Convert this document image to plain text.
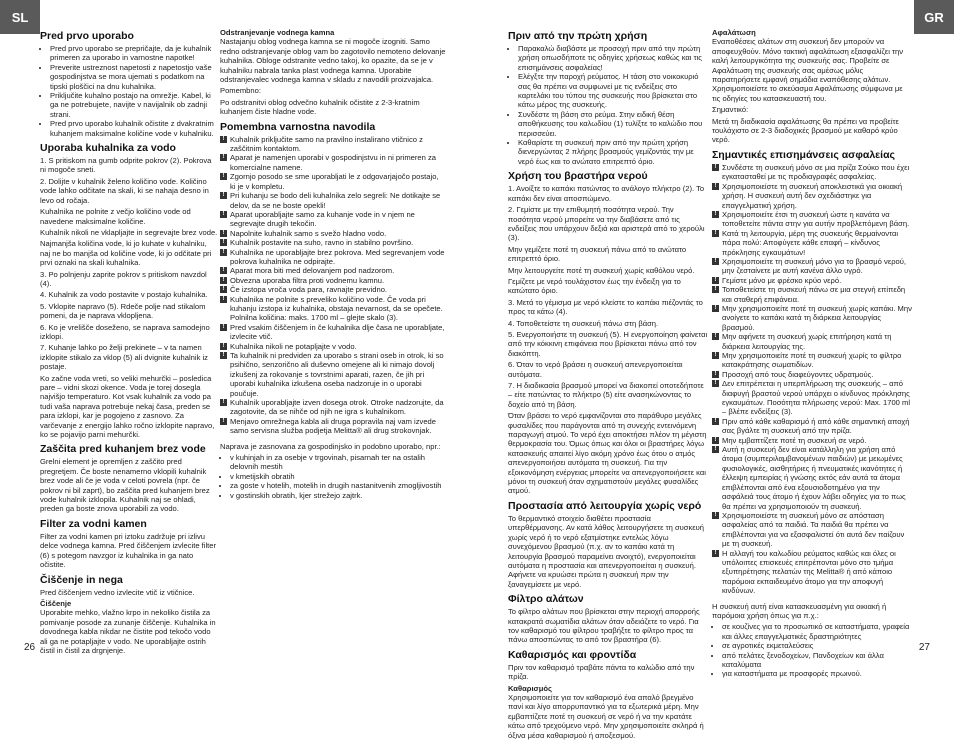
SL	GR
Pred prvo uporabo
• Pred prvo uporabo se prepričajte, da je kuhalnik primeren za uporabo in varnostne napotke!
• Preverite ustreznost napetosti z napetostjo vaše gospodinjstva se mora ujemati s podatkom na tipski ploščici na dnu kuhalnika.
• Priključite kuhalno postajo na omrežje. Kabel, ki ga ne potrebujete, navijte v navijalnik ob zadnji strani.
• Pred prvo uporabo kuhalnik očistite z dvakratnim kuhanjem maksimalne količine vode v kuhalniku.
Uporaba kuhalnika za vodo

1. S pritiskom na gumb odprite pokrov (2). Pokrova ni mogoče sneti.

2. Dolijte v kuhalnik želeno količino vode. Količino vode lahko odčitate na skali, ki se nahaja desno in levo od ročaja.

Kuhalnika ne polnite z večjo količino vode od navedene maksimalne količine.

Kuhalnik nikoli ne vklapljajte in segrevajte brez vode.

Najmanjša količina vode, ki jo kuhate v kuhalniku, naj ne bo manjša od količine vode, ki jo odčitate pri prvi oznaki na skali kuhalnika.

3. Po polnjenju zaprite pokrov s pritiskom navzdol (4).

4. Kuhalnik za vodo postavite v postajo kuhalnika.

5. Vklopite napravo (5). Rdeče polje nad stikalom pomeni, da je naprava vklopljena.

6. Ko je vrelišče doseženo, se naprava samodejno izklopi.

7. Kuhanje lahko po želji prekinete – v ta namen izklopite stikalo za vklop (5) ali dvignite kuhalnik iz postaje.

Ko začne voda vreti, so veliki mehurčki – posledica pare – vidni skozi okence. Voda je torej dosegla najvišjo temperaturo. Kot vsak kuhalnik za vodo pa tudi vaša naprava potrebuje nekaj časa, preden se para izklopi, kar je pogojeno z zasnovo. Za varčevanje z energijo lahko ročno izklopite napravo, ko se pojavijo parni mehurčki.

Zaščita pred kuhanjem brez vode

Grelni element je opremljen z zaščito pred pregretjem. Če boste nenamerno vklopili kuhalnik brez vode ali če je voda v celoti povrela (npr. če pokrov ni bil zaprt), bo zaščita pred kuhanjem brez vode kuhalnik izklopila. Kuhalnik naj se ohladi, preden ga boste znova uporabili za vodo.

Filter za vodni kamen

Filter za vodni kamen pri iztoku zadržuje pri izlivu delce vodnega kamna. Pred čiščenjem izvlecite filter (6) s potegom navzgor iz kuhalnika in ga nato očistite.

Čiščenje in nega

Pred čiščenjem vedno izvlecite vtič iz vtičnice.

Čiščenje

Uporabite mehko, vlažno krpo in nekoliko čistila za pomivanje posode za zunanje čiščenje. Kuhalnika in dovodnega kabla nikdar ne čistite pod tekočo vodo ali ga ne potapljajte v vodo. Ne uporabljajte ostrih čistil in čistil za drgnjenje.

Odstranjevanje vodnega kamna

Nastajanju oblog vodnega kamna se ni mogoče izogniti. Samo redno odstranjevanje oblog vam bo zagotovilo nemoteno delovanje kuhalnika. Obloge odstranite vedno takoj, ko opazite, da se je v kuhalniku nabrala tanka plast vodnega kamna. Uporabite odstranjevalec vodnega kamna v skladu z navodili proizvajalca.

Pomembno:

Po odstranitvi oblog odvečno kuhalnik očistite z 2-3-kratnim kuhanjem čiste hladne vode.

Pomembna varnostna navodila
! Kuhalnik priključite samo na pravilno instalirano vtičnico z zaščitnim kontaktom.
! Aparat je namenjen uporabi v gospodinjstvu in ni primeren za komercialne namene.
! Zgornjo posodo se sme uporabljati le z odgovarjajočo postajo, ki je v kompletu.
! Pri kuhanju se bodo deli kuhalnika zelo segreli: Ne dotikajte se delov, da se ne boste opekli!
! Aparat uporabljajte samo za kuhanje vode in v njem ne segrevajte drugih tekočin.
! Napolnite kuhalnik samo s svežo hladno vodo.
! Kuhalnik postavite na suho, ravno in stabilno površino.
! Kuhalnika ne uporabljajte brez pokrova. Med segrevanjem vode pokrova kuhalnika ne odpirajte.
! Aparat mora biti med delovanjem pod nadzorom.
! Obvezna uporaba filtra proti vodnemu kamnu.
! Če izstopa vroča voda para, ravnajte previdno.
! Kuhalnika ne polnite s preveliko količino vode. Če voda pri kuhanju izstopa iz kuhalnika, obstaja nevarnost, da se opečete. Polnilna količina: maks. 1700 ml – glejte skalo (3).
! Pred vsakim čiščenjem in če kuhalnika dlje časa ne uporabljate, izvlecite vtič.
! Kuhalnika nikoli ne potapljajte v vodo.
! Ta kuhalnik ni predviden za uporabo s strani oseb in otrok, ki so psihično, senzorično ali duševno omejene ali ki nimajo dovolj izkušenj za rokovanje s tovrstnimi aparati, razen, če jih pri uporabi kuhalnika izkušena oseba nadzoruje in o uporabi poučuje.
! Kuhalnik uporabljajte izven dosega otrok. Otroke nadzorujte, da zagotovite, da se nihče od njih ne igra s kuhalnikom.
! Menjavo omrežnega kabla ali druga popravila naj vam izvede samo servisna služba podjetja Melitta® ali drug strokovnjak.

Naprava je zasnovana za gospodinjsko in podobno uporabo, npr.:

• v kuhinjah in za osebje v trgovinah, pisarnah ter na ostalih delovnih mestih
• v kmetijskih obratih
• za goste v hotelih, motelih in drugih nastanitvenih zmogljivostih
• v gostinskih obratih, kjer strežejo zajtrk.
Πριν από την πρώτη χρήση
• Παρακαλώ διαβάστε με προσοχή πριν από την πρώτη χρήση οπωσδήποτε τις οδηγίες χρήσεως καθώς και τις επισημάνσεις ασφαλείας!
• Ελέγξτε την παροχή ρεύματος. Η τάση στο νοικοκυριό σας θα πρέπει να συμφωνεί με τις ενδείξεις στο καρτελάκι του τύπου της συσκευής που βρίσκεται στο κάτω μέρος της συσκευής.
• Συνδέστε τη βάση στο ρεύμα. Στην ειδική θέση αποθήκευσης του καλωδίου (1) τυλίξτε το καλώδιο που περισσεύει.
• Καθαρίστε τη συσκευή πριν από την πρώτη χρήση διενεργώντας 2 πλήρης βρασμούς γεμίζοντάς την με νερό έως και το ανώτατο επιτρεπτό όριο.
Χρήση του βραστήρα νερού

1. Ανοίξτε το καπάκι πατώντας το ανάλογο πλήκτρο (2). Το καπάκι δεν είναι αποσπώμενο.

2. Γεμίστε με την επιθυμητή ποσότητα νερού. Την ποσότητα νερού μπορείτε να την διαβάσετε από τις ενδείξεις που υπάρχουν δεξιά και αριστερά από το χερούλι (3).

Μην γεμίζετε ποτέ τη συσκευή πάνω από το ανώτατο επιτρεπτό όριο.

Μην λειτουργείτε ποτέ τη συσκευή χωρίς καθόλου νερό.

Γεμίζετε με νερό τουλάχιστον έως την ένδειξη για το κατώτατο όριο.

3. Μετά το γέμισμα με νερό κλείστε το καπάκι πιέζοντάς το προς τα κάτω (4).

4. Τοποθετείστε τη συσκευή πάνω στη βάση.

5. Ενεργοποιήστε τη συσκευή (5). Η ενεργοποίηση φαίνεται από την κόκκινη επιφάνεια που βρίσκεται πάνω από τον διακόπτη.

6. Όταν το νερό βράσει η συσκευή απενεργοποιείται αυτόματα.

7. Η διαδικασία βρασμού μπορεί να διακοπεί οποτεδήποτε – είτε πατώντας το πλήκτρο (5) είτε ανασηκώνοντας το δοχείο από τη βάση.

Όταν βράσει το νερό εμφανίζονται στο παράθυρο μεγάλες φυσαλίδες που παράγονται από τη συνεχής εντεινόμενη παραγωγή ατμού. Το νερό έχει αποκτήσει πλέον τη μέγιστη θερμοκρασία του. Όμως όπως και όλοι οι βραστήρες λόγω κατασκευής απαιτεί λίγο ακόμη χρόνο έως ότου ο ατμός απενεργοποιήσει αυτόματα τη συσκευή. Για την εξοικονόμηση ενέργειας μπορείτε να απενεργοποιήσετε και μόνοι τη συσκευή όταν σχηματιστούν μεγάλες φυσαλίδες ατμού.

Προστασία από λειτουργία χωρίς νερό

Το θερμαντικό στοιχείο διαθέτει προστασία υπερθέρμανσης. Αν κατά λάθος λειτουργήσετε τη συσκευή χωρίς νερό ή το νερό εξατμίστηκε εντελώς λόγω συνεχόμενου βρασμού (π.χ. αν το καπάκι κατά τη λειτουργία βρασμού παραμείνει ανοιχτό), ενεργοποιείται αυτόματα η προστασία και απενεργοποιείται η συσκευή. Αφήνετε να κρυώσει πρώτα η συσκευή πριν την ξαναγεμίσετε με νερό.

Φίλτρο αλάτων

Το φίλτρο αλάτων που βρίσκεται στην περιοχή απορροής κατακρατά σωματίδια αλάτων όταν αδειάζετε το νερό. Για τον καθαρισμό του φίλτρου τραβήξτε το φίλτρο προς τα πάνω αποσπώντας το από τον βραστήρα (6).

Καθαρισμός και φροντίδα

Πριν τον καθαρισμό τραβάτε πάντα το καλώδιο από την πρίζα.

Καθαρισμός

Χρησιμοποιείτε για τον καθαρισμό ένα απαλό βρεγμένο πανί και λίγο απορρυπαντικό για τα εξωτερικά μέρη. Μην εμβαπτίζετε ποτέ τη συσκευή σε νερό ή να την κρατάτε κάτω από τρεχούμενο νερό. Μην χρησιμοποιείτε σκληρά ή όξινα μέσα καθαρισμού ή αποξεσμού.

Αφαλάτωση

Εναποθέσεις αλάτων στη συσκευή δεν μπορούν να αποφευχθούν. Μόνο τακτική αφαλάτωση εξασφαλίζει την καλή λειτουργικότητα της συσκευής σας. Προβείτε σε Αφαλάτωση της συσκευής σας αμέσως μόλις παρατηρήσετε εμφανή σημάδια εναπόθεσης αλάτων. Χρησιμοποιείστε το σκεύασμα Αφαλάτωσης σύμφωνα με τις οδηγίες του κατασκευαστή του.

Σημαντικό:

Μετά τη διαδικασία αφαλάτωσης θα πρέπει να προβείτε τουλάχιστο σε 2-3 διαδοχικές βρασμού με καθαρό κρύο νερό.

Σημαντικές επισημάνσεις ασφαλείας
! Συνδέστε τη συσκευή μόνο σε μια πρίζα Σούκο που έχει εγκατασταθεί με τις προδιαγραφές ασφαλείας.
! Χρησιμοποιείστε τη συσκευή αποκλειστικά για οικιακή χρήση. Η συσκευή αυτή δεν σχεδιάστηκε για επαγγελματική χρήση.
! Χρησιμοποιείτε έτσι τη συσκευή ώστε η κανάτα να τοποθετείτε πάντα στην για αυτήν προβλεπόμενη βάση.
! Κατά τη λειτουργία, μέρη της συσκευής θερμαίνονται πάρα πολύ: Αποφύγετε κάθε επαφή – κίνδυνος πρόκλησης εγκαυμάτων!
! Χρησιμοποιείτε τη συσκευή μόνο για το βρασμό νερού, μην ζεσταίνετε με αυτή κανένα άλλο υγρό.
! Γεμίστε μόνο με φρέσκο κρύο νερό.
! Τοποθετείστε τη συσκευή πάνω σε μια στεγνή επίπεδη και σταθερή επιφάνεια.
! Μην χρησιμοποιείτε ποτέ τη συσκευή χωρίς καπάκι. Μην ανοίγετε το καπάκι κατά τη διάρκεια λειτουργίας βρασμού.
! Μην αφήνετε τη συσκευή χωρίς επιτήρηση κατά τη διάρκεια λειτουργίας της.
! Μην χρησιμοποιείτε ποτέ τη συσκευή χωρίς το φίλτρο κατακράτησης σωματιδίων.
! Προσοχή από τους διαφεύγοντες υδρατμούς.
! Δεν επιτρέπεται η υπερπλήρωση της συσκευής – από διαφυγή βραστού νερού υπάρχει ο κίνδυνος πρόκλησης εγκαυμάτων. Ποσότητα πλήρωσης νερού: Max. 1700 ml – βλέπε ενδείξεις (3).
! Πριν από κάθε καθαρισμό ή από κάθε σημαντική αποχή σας βγάλτε τη συσκευή από την πρίζα.
! Μην εμβαπτίζετε ποτέ τη συσκευή σε νερό.
! Αυτή η συσκευή δεν είναι κατάλληλη για χρήση από άτομα (συμπεριλαμβανομένων παιδιών) με μειωμένες φυσιολογικές, αισθητήριες ή πνευματικές ικανότητες ή έλλειψη εμπειρίας ή γνώσης εκτός εάν αυτά τα άτομα επιβλέπονται από ένα εξουσιοδοτημένο για την ασφάλειά τους άτομο ή έχουν λάβει οδηγίες για το πως θα πρέπει να χρησιμοποιούν τη συσκευή.
! Χρησιμοποιείστε τη συσκευή μόνο σε απόσταση ασφαλείας από τα παιδιά. Τα παιδιά θα πρέπει να επιβλέπονται για να εξασφαλιστεί ότι αυτά δεν παίζουν με τη συσκευή.
! Η αλλαγή του καλωδίου ρεύματος καθώς και όλες οι υπόλοιπες επισκευές επιτρέπονται μόνο στο τμήμα εξυπηρέτησης πελατών της Melitta® ή από κάποιο παρόμοια εκπαιδευμένο άτομο για την αποφυγή κινδύνων.

Η συσκευή αυτή είναι κατασκευασμένη για οικιακή ή παρόμοια χρήση όπως για π.χ.:

• σε κουζίνες για το προσωπικό σε καταστήματα, γραφεία και άλλες επαγγελματικές δραστηριότητες
• σε αγροτικές εκμεταλεύσεις
• από πελάτες ξενοδοχείων, Πανδοχείων και άλλα καταλύματα
• για καταστήματα με προσφορές πρωινού.
26	27
